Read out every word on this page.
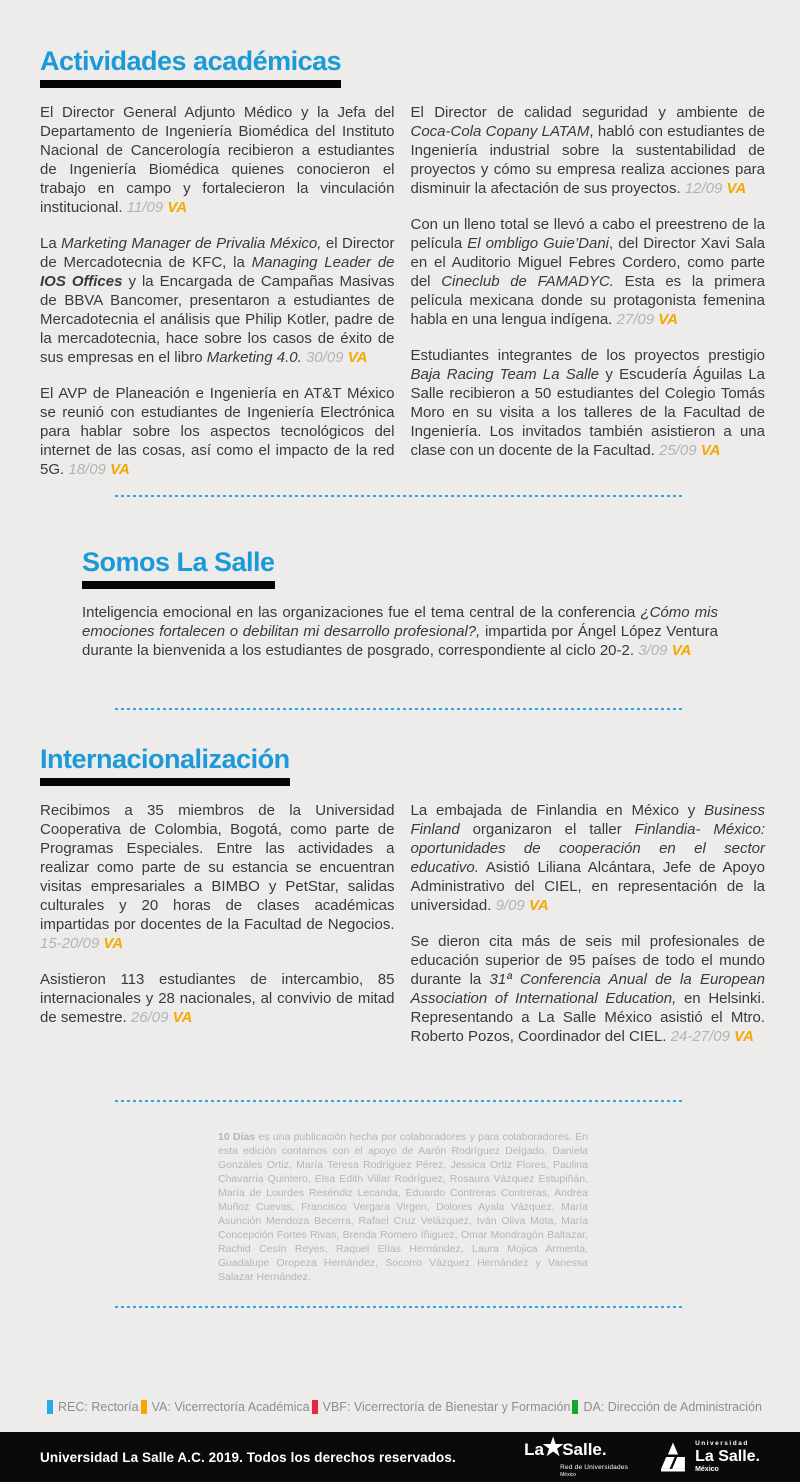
Actividades académicas

El Director General Adjunto Médico y la Jefa del Departamento de Ingeniería Biomédica del Instituto Nacional de Cancerología recibieron a estudiantes de Ingeniería Biomédica quienes conocieron el trabajo en campo y fortalecieron la vinculación institucional. 11/09 VA

La Marketing Manager de Privalia México, el Director de Mercadotecnia de KFC, la Managing Leader de IOS Offices y la Encargada de Campañas Masivas de BBVA Bancomer, presentaron a estudiantes de Mercadotecnia el análisis que Philip Kotler, padre de la mercadotecnia, hace sobre los casos de éxito de sus empresas en el libro Marketing 4.0. 30/09 VA

El AVP de Planeación e Ingeniería en AT&T México se reunió con estudiantes de Ingeniería Electrónica para hablar sobre los aspectos tecnológicos del internet de las cosas, así como el impacto de la red 5G. 18/09 VA

El Director de calidad seguridad y ambiente de Coca-Cola Copany LATAM, habló con estudiantes de Ingeniería industrial sobre la sustentabilidad de proyectos y cómo su empresa realiza acciones para disminuir la afectación de sus proyectos. 12/09 VA

Con un lleno total se llevó a cabo el preestreno de la película El ombligo Guie’Dani, del Director Xavi Sala en el Auditorio Miguel Febres Cordero, como parte del Cineclub de FAMADYC. Esta es la primera película mexicana donde su protagonista femenina habla en una lengua indígena. 27/09 VA

Estudiantes integrantes de los proyectos prestigio Baja Racing Team La Salle y Escudería Águilas La Salle recibieron a 50 estudiantes del Colegio Tomás Moro en su visita a los talleres de la Facultad de Ingeniería. Los invitados también asistieron a una clase con un docente de la Facultad. 25/09 VA

Somos La Salle

Inteligencia emocional en las organizaciones fue el tema central de la conferencia ¿Cómo mis emociones fortalecen o debilitan mi desarrollo profesional?, impartida por Ángel López Ventura durante la bienvenida a los estudiantes de posgrado, correspondiente al ciclo 20-2. 3/09 VA

Internacionalización

Recibimos a 35 miembros de la Universidad Cooperativa de Colombia, Bogotá, como parte de Programas Especiales. Entre las actividades a realizar como parte de su estancia se encuentran visitas empresariales a BIMBO y PetStar, salidas culturales y 20 horas de clases académicas impartidas por docentes de la Facultad de Negocios. 15-20/09 VA

Asistieron 113 estudiantes de intercambio, 85 internacionales y 28 nacionales, al convivio de mitad de semestre. 26/09 VA

La embajada de Finlandia en México y Business Finland organizaron el taller Finlandia- México: oportunidades de cooperación en el sector educativo. Asistió Liliana Alcántara, Jefe de Apoyo Administrativo del CIEL, en representación de la universidad. 9/09 VA

Se dieron cita más de seis mil profesionales de educación superior de 95 países de todo el mundo durante la 31ª Conferencia Anual de la European Association of International Education, en Helsinki. Representando a La Salle México asistió el Mtro. Roberto Pozos, Coordinador del CIEL. 24-27/09 VA

10 Días es una publicación hecha por colaboradores y para colaboradores. En esta edición contamos con el apoyo de Aarón Rodríguez Delgado, Daniela Gonzáles Ortiz, María Teresa Rodríguez Pérez, Jessica Ortiz Flores, Paulina Chavarria Quintero, Elsa Edith Villar Rodríguez, Rosaura Vázquez Estupiñán, María de Lourdes Reséndiz Lecanda, Eduardo Contreras Contreras, Andrea Muñoz Cuevas, Francisco Vergara Virgen, Dolores Ayala Vázquez, María Asunción Mendoza Becerra, Rafael Cruz Velázquez, Iván Oliva Mota, María Concepción Fortes Rivas, Brenda Romero Íñiguez, Omar Mondragón Baltazar, Rachid Cesín Reyes, Raquel Elías Hernández, Laura Mojica Armenta, Guadalupe Oropeza Hernández, Socorro Vázquez Hernández y Vanessa Salazar Hernández.

REC: Rectoría VA: Vicerrectoría Académica VBF: Vicerrectoría de Bienestar y Formación DA: Dirección de Administración
Universidad La Salle A.C. 2019. Todos los derechos reservados.	La
★
Salle.
Red de Universidades
México
Universidad
La Salle.
México
